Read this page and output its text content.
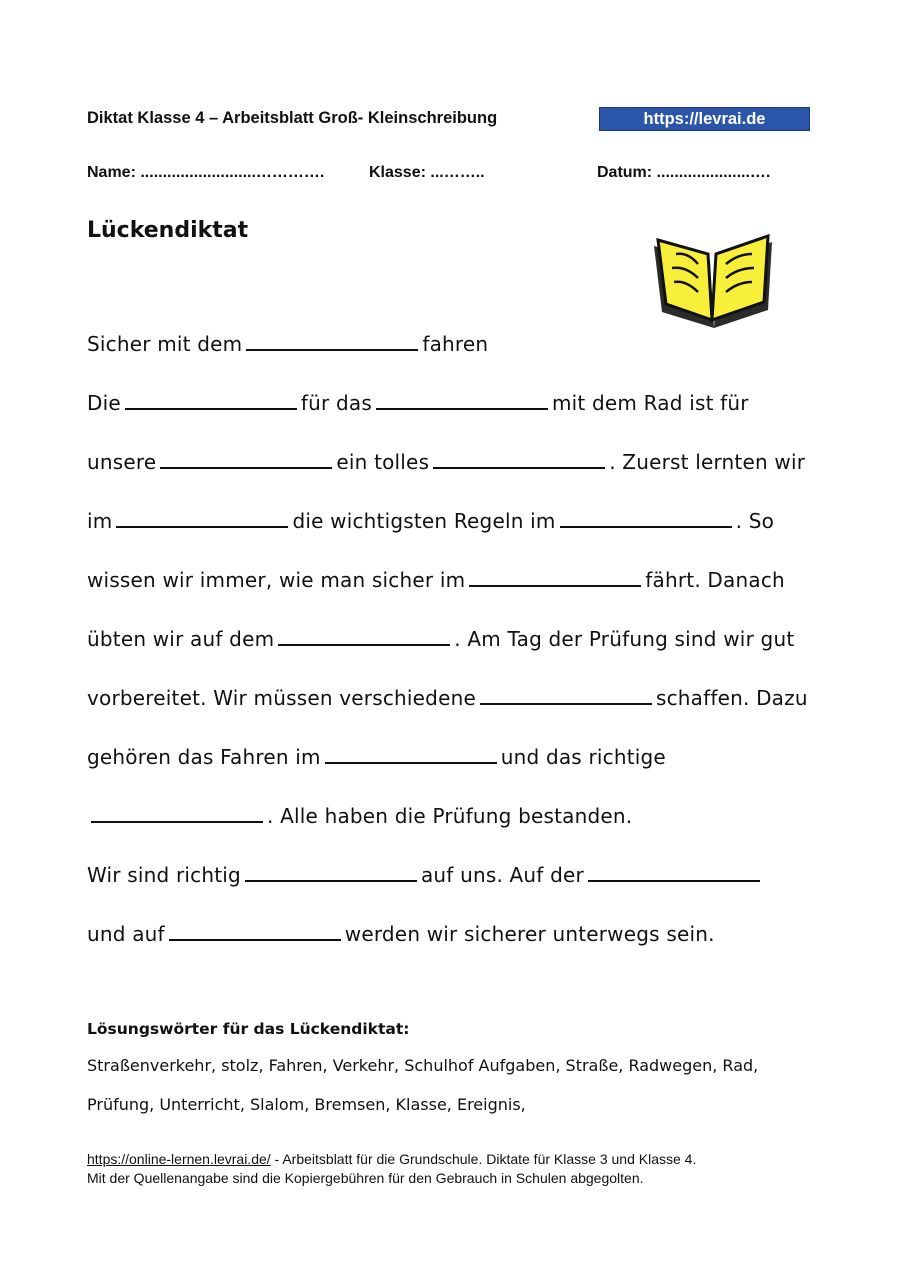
Diktat Klasse 4 – Arbeitsblatt Groß- Kleinschreibung	https://levrai.de
Name: ..........................………….	Klasse: ...……..	Datum: .....................….
Lückendiktat
Sicher mit dem	fahren
Die	für das	mit dem Rad ist für
unsere	ein tolles	. Zuerst lernten wir
im	die wichtigsten Regeln im	. So
wissen wir immer, wie man sicher im	fährt. Danach
übten wir auf dem	. Am Tag der Prüfung sind wir gut
vorbereitet. Wir müssen verschiedene	schaffen. Dazu
gehören das Fahren im	und das richtige
. Alle haben die Prüfung bestanden.
Wir sind richtig	auf uns. Auf der
und auf	werden wir sicherer unterwegs sein.
Lösungswörter für das Lückendiktat:
Straßenverkehr, stolz, Fahren, Verkehr, Schulhof Aufgaben, Straße, Radwegen, Rad,
Prüfung, Unterricht, Slalom, Bremsen, Klasse, Ereignis,
https://online-lernen.levrai.de/ - Arbeitsblatt für die Grundschule. Diktate für Klasse 3 und Klasse 4.
Mit der Quellenangabe sind die Kopiergebühren für den Gebrauch in Schulen abgegolten.
